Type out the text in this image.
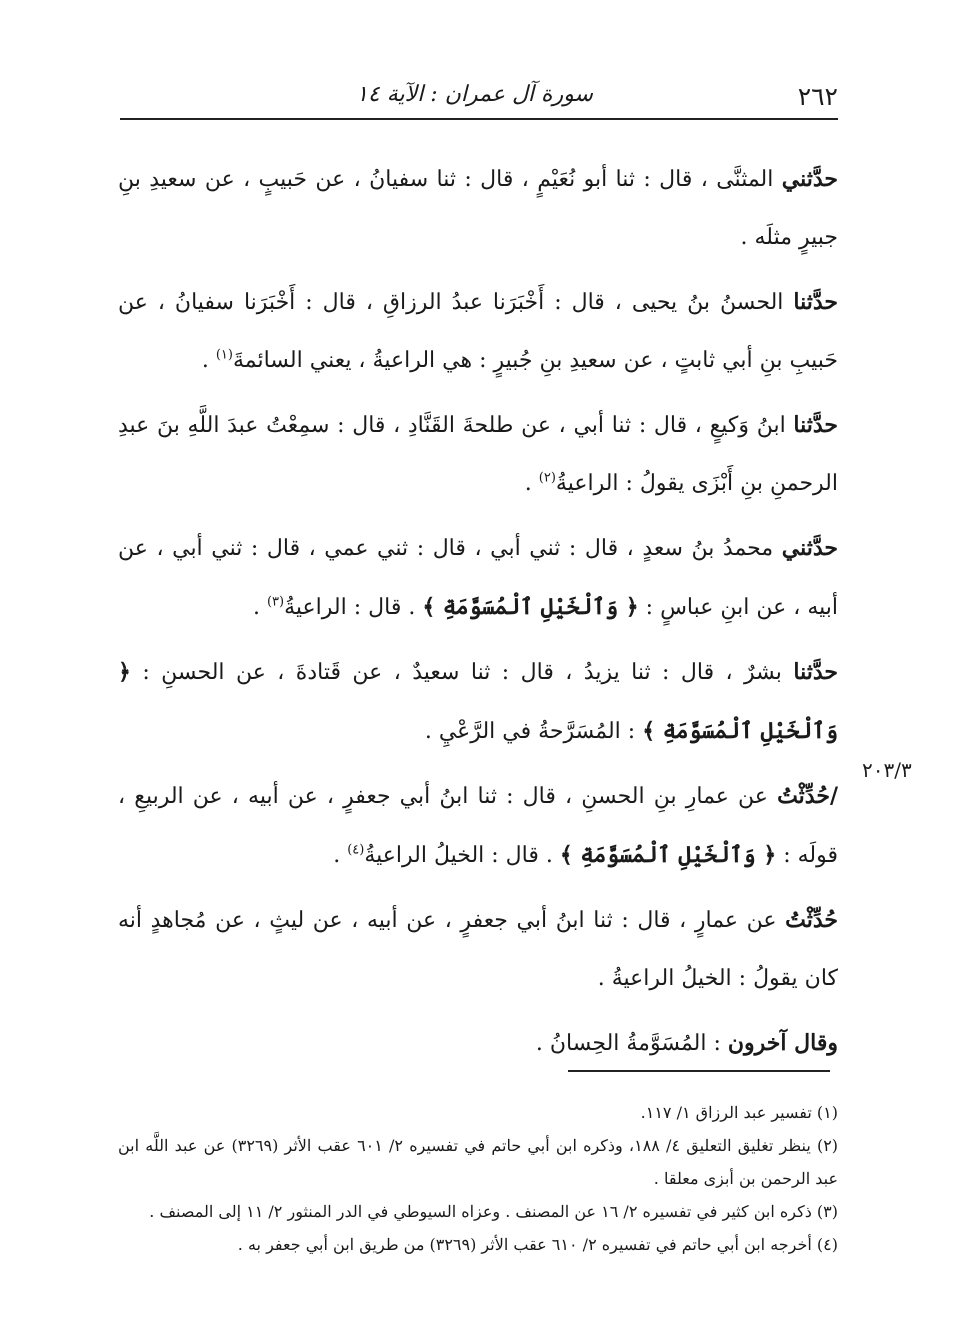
٢٦٢
سورة آل عمران : الآية ١٤
٢٠٣/٣

حدَّثني المثنَّى ، قال : ثنا أبو نُعَيْمٍ ، قال : ثنا سفيانُ ، عن حَبيبٍ ، عن سعيدِ بنِ جبيرٍ مثلَه .

حدَّثنا الحسنُ بنُ يحيى ، قال : أَخْبَرَنا عبدُ الرزاقِ ، قال : أَخْبَرَنا سفيانُ ، عن حَبيبِ بنِ أبي ثابتٍ ، عن سعيدِ بنِ جُبيرٍ : هي الراعيةُ ، يعني السائمةَ$^{(١)}$ .

حدَّثنا ابنُ وَكيعٍ ، قال : ثنا أبي ، عن طلحةَ القَنَّادِ ، قال : سمِعْتُ عبدَ اللَّهِ بنَ عبدِ الرحمنِ بنِ أَبْزَى يقولُ : الراعيةُ$^{(٢)}$ .

حدَّثني محمدُ بنُ سعدٍ ، قال : ثني أبي ، قال : ثني عمي ، قال : ثني أبي ، عن أبيه ، عن ابنِ عباسٍ : ﴿ وَٱلْخَيْلِ ٱلْمُسَوَّمَةِ ﴾ . قال : الراعيةُ$^{(٣)}$ .

حدَّثنا بشرٌ ، قال : ثنا يزيدُ ، قال : ثنا سعيدٌ ، عن قَتادةَ ، عن الحسنِ : ﴿ وَٱلْخَيْلِ ٱلْمُسَوَّمَةِ ﴾ : المُسَرَّحةُ في الرَّعْيِ .

/حُدِّثْتُ عن عمارِ بنِ الحسنِ ، قال : ثنا ابنُ أبي جعفرٍ ، عن أبيه ، عن الربيعِ ، قولَه : ﴿ وَٱلْخَيْلِ ٱلْمُسَوَّمَةِ ﴾ . قال : الخيلُ الراعيةُ$^{(٤)}$ .

حُدِّثْتُ عن عمارٍ ، قال : ثنا ابنُ أبي جعفرٍ ، عن أبيه ، عن ليثٍ ، عن مُجاهدٍ أنه كان يقولُ : الخيلُ الراعيةُ .

وقال آخرون : المُسَوَّمةُ الحِسانُ .

(١) تفسير عبد الرزاق ١/ ١١٧.

(٢) ينظر تغليق التعليق ٤/ ١٨٨، وذكره ابن أبي حاتم في تفسيره ٢/ ٦٠١ عقب الأثر (٣٢٦٩) عن عبد اللَّه ابن عبد الرحمن بن أبزى معلقا .

(٣) ذكره ابن كثير في تفسيره ٢/ ١٦ عن المصنف . وعزاه السيوطي في الدر المنثور ٢/ ١١ إلى المصنف .

(٤) أخرجه ابن أبي حاتم في تفسيره ٢/ ٦١٠ عقب الأثر (٣٢٦٩) من طريق ابن أبي جعفر به .
